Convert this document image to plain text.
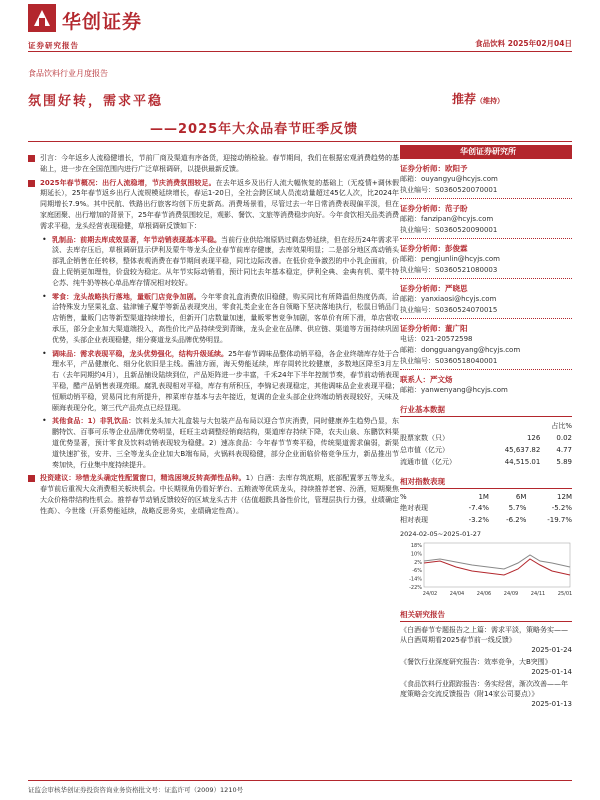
华创证券
证券研究报告	食品饮料 2025年02月04日
食品饮料行业月度报告
氛围好转，需求平稳
——2025年大众品春节旺季反馈
推荐（维持）
引言：今年返乡人流稳健增长，节前厂商及渠道有序备货，迎接动销检验。春节期间，我们在根据宏观消费趋势的基础上，进一步在全国范围内进行广泛草根调研，以提供最新反馈。
2025年春节概况：出行人流稳增，节庆消费氛围较足。在去年返乡及出行人流大幅恢复的基础上（无疫情+调休假期延长），25年春节返乡出行人流规模延续增长，春运1-20日，全社会跨区域人员流动量超过45亿人次，比2024年同期增长7.9%。其中民航、铁路出行旅客均创下历史新高。消费场景看，尽管过去一年日常消费表现偏平淡，但在家庭团聚、出行增加的背景下，25年春节消费氛围较足，观影、餐饮、文旅等消费稳步向好。今年食饮相关品类消费需求平稳，龙头经营表现稳健，草根调研反馈如下：
• 乳制品：前期去库成效显著，年节动销表现基本平稳。当前行业供给端原奶过剩态势延续，但在经历24年需求平淡、去库存压后，草根调研显示伊利及蒙牛等龙头企业春节前库存健康，去库效果明显；二是部分地区高动销头部乳企销售在任转移，整体表观消费在春节期间表现平稳，同比边际改善。在低价竞争激烈的中小乳企面前，价盘上促销更加理性，价盘较为稳定。从年节实际动销看，预计同比去年基本稳定，伊利全典、金典有机、蒙牛特仑苏、纯牛奶等核心单品库存情况相对较好。
• 零食：龙头战略执行落地，量贩门店竞争加剧。今年零食礼盒消费依旧稳健，购买同比有所降温但热度仍高，洽洽特殊发力坚果礼盒、盐津铺子魔芋等新品表现突出，零食礼类企业在各自领略下坚决落地执行，松鼠日销品门店销售，量贩门店等新型渠道持续增长，但新开门店数量加速，量贩零售竞争加剧，客单价有所下滑，单店营收承压，部分企业加大渠道端投入，高性价比产品持续受到青睐，龙头企业在品牌、供应链、渠道等方面持续巩固优势，头部企业表现稳健，细分赛道龙头品牌优势明显。
• 调味品：需求表现平稳，龙头优势强化，结构升级延续。25年春节调味品整体动销平稳，各企业终端库存处于合理水平，产品健康化、细分化依旧是主线。酱油方面，海天势能延续，库存周转比较健康，多数地区降至3月左右（去年同期约4月），且新品铺设陆续到位，产品矩阵进一步丰富，千禾24年下半年控制节奏，春节前动销表现平稳，醋产品销售表现亮眼。腐乳表现相对平稳，库存有所积压，李锦记表现稳定，其他调味品企业表现平稳；恒顺动销平稳，贸易同比有所提升，榨菜库存基本与去年接近，复调的企业头部企业终端动销表现较好，天味及颐海表现分化，第三代产品亮点已经显现。
• 其他食品：1）非乳饮品：饮料龙头加大礼盒装与大包装产品布局以迎合节庆消费，同时健康养生趋势凸显，东鹏特饮、百事可乐等企业品牌优势明显，旺旺主动调整经销商结构，渠道库存持续下降，农夫山泉、东鹏饮料渠道优势显著，预计零食及饮料动销表现较为稳健。2）速冻食品：今年春节节奏平稳，传统渠道需求偏弱，新渠道快速扩张，安井、三全等龙头企业加大B端布局，火锅料表现稳健，部分企业面临价格竞争压力，新品推出节奏加快，行业集中度持续提升。
投资建议：珍惜龙头确定性配置窗口，精选困境反转高弹性品种。1）白酒：去库存筑底期，底部配置茅五等龙头，春节前后重视大众消费相关板块机会。中长期视角仍看好茅台、五粮液等优质龙头，持续推荐老窖、汾酒，短期聚焦大众价格带结构性机会。推荐春节动销反馈较好的区域龙头古井（估值超跌具备性价比，管理层执行力强，业绩确定性高）、今世缘（开系势能延续，战略反思务实，业绩确定性高）。
华创证券研究所
证券分析师：欧阳予
邮箱：ouyangyu@hcyjs.com
执业编号：S0360520070001
证券分析师：范子盼
邮箱：fanzipan@hcyjs.com
执业编号：S0360520090001
证券分析师：彭俊霖
邮箱：pengjunlin@hcyjs.com
执业编号：S0360521080003
证券分析师：严晓思
邮箱：yanxiaosi@hcyjs.com
执业编号：S0360524070015
证券分析师：董广阳
电话：021-20572598
邮箱：dongguangyang@hcyjs.com
执业编号：S0360518040001
联系人：严文炀
邮箱：yanwenyang@hcyjs.com
行业基本数据
		占比%
股票家数（只）	126	0.02
总市值（亿元）	45,637.82	4.77
流通市值（亿元）	44,515.01	5.89
相对指数表现
%	1M	6M	12M
绝对表现	-7.4%	5.7%	-5.2%
相对表现	-3.2%	-6.2%	-19.7%
2024-02-05~2025-01-27
18%
10%
2%
-6%
-14%
-22%
24/02	24/04	24/06	24/09	24/11	25/01
相关研究报告
《白酒春节专题报告之上篇：需求平淡，策略务实——从白酒周期看2025春节前一线反馈》
2025-01-24
《餐饮行业深度研究报告：效率竞争，大B突围》
2025-01-14
《食品饮料行业跟踪报告：务实经营，渐次改善——年度策略会交流反馈报告（附14家公司要点）》
2025-01-13
证监会审核华创证券投资咨询业务资格批文号：证监许可（2009）1210号
